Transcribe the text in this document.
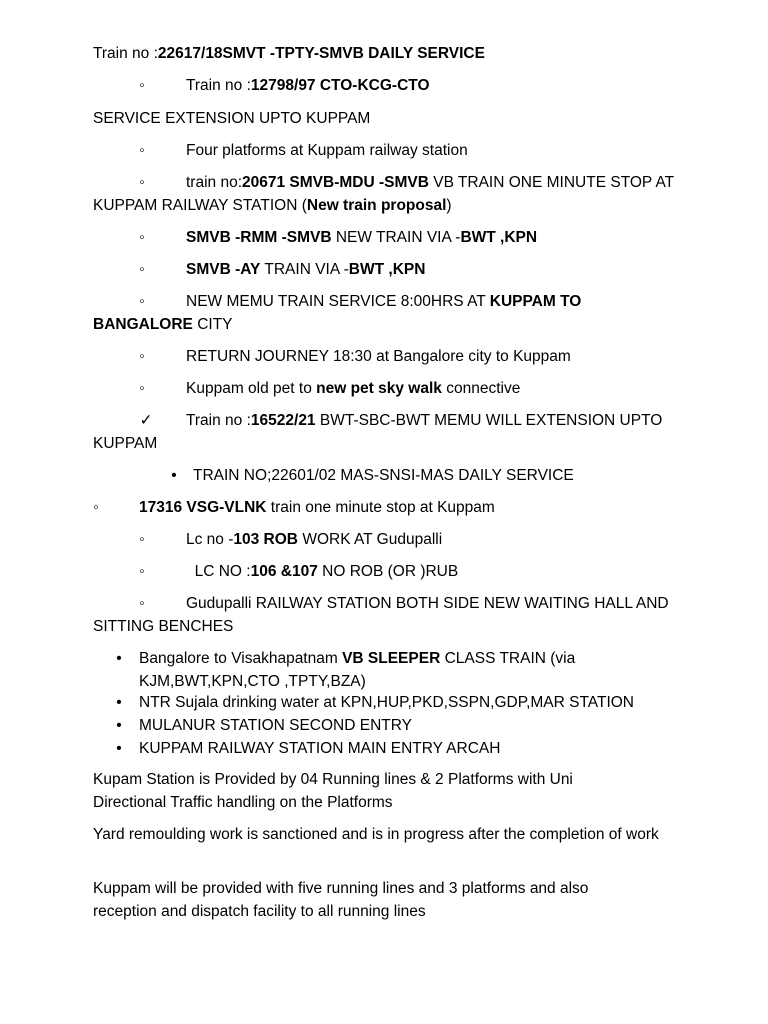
Train no :22617/18SMVT -TPTY-SMVB DAILY SERVICE
◦	Train no :12798/97 CTO-KCG-CTO
SERVICE EXTENSION UPTO KUPPAM
◦	Four platforms at Kuppam railway station
◦	train no:20671 SMVB-MDU -SMVB VB TRAIN ONE MINUTE STOP AT KUPPAM RAILWAY STATION (New train proposal)
◦	SMVB -RMM -SMVB NEW TRAIN VIA -BWT ,KPN
◦	SMVB -AY TRAIN VIA -BWT ,KPN
◦	NEW MEMU TRAIN SERVICE 8:00HRS AT KUPPAM TO BANGALORE CITY
◦	RETURN JOURNEY 18:30 at Bangalore city to Kuppam
◦	Kuppam old pet to new pet sky walk connective
✓	Train no :16522/21 BWT-SBC-BWT MEMU WILL EXTENSION UPTO KUPPAM
•	TRAIN NO;22601/02 MAS-SNSI-MAS DAILY SERVICE
◦	17316 VSG-VLNK train one minute stop at Kuppam
◦	Lc no -103 ROB WORK AT Gudupalli
◦	LC NO :106 &107 NO ROB (OR )RUB
◦	Gudupalli RAILWAY STATION BOTH SIDE NEW WAITING HALL AND SITTING BENCHES
•	Bangalore to Visakhapatnam VB SLEEPER CLASS TRAIN (via KJM,BWT,KPN,CTO ,TPTY,BZA)
•	NTR Sujala drinking water at KPN,HUP,PKD,SSPN,GDP,MAR STATION
•	MULANUR STATION SECOND ENTRY
•	KUPPAM RAILWAY STATION MAIN ENTRY ARCAH
Kupam Station is Provided by 04 Running lines & 2 Platforms with Uni Directional Traffic handling on the Platforms
Yard remoulding work is sanctioned and is in progress after the completion of work
Kuppam will be provided with five running lines and 3 platforms and also reception and dispatch facility to all running lines
